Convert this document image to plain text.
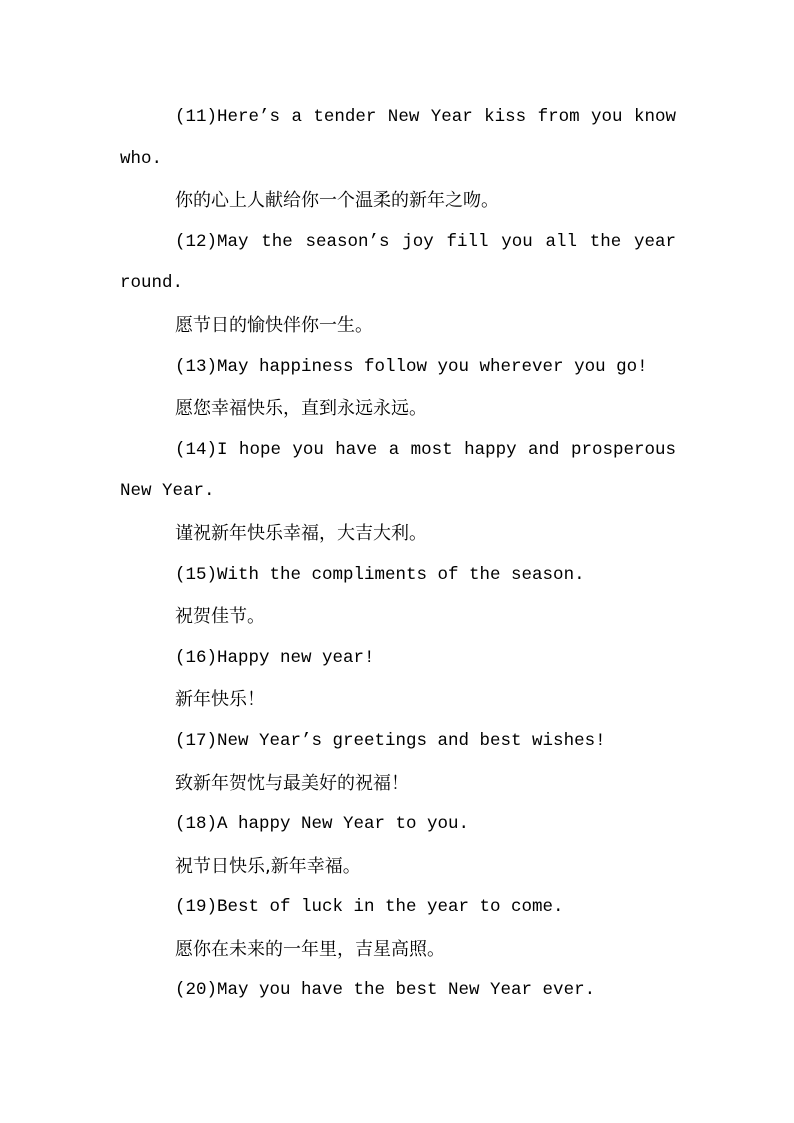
(11)Here’s a tender New Year kiss from you know
who.
你的心上人献给你一个温柔的新年之吻。
(12)May the season’s joy fill you all the year
round.
愿节日的愉快伴你一生。
(13)May happiness follow you wherever you go!
愿您幸福快乐，直到永远永远。
(14)I hope you have a most happy and prosperous
New Year.
谨祝新年快乐幸福，大吉大利。
(15)With the compliments of the season.
祝贺佳节。
(16)Happy new year!
新年快乐！
(17)New Year’s greetings and best wishes!
致新年贺忱与最美好的祝福！
(18)A happy New Year to you.
祝节日快乐,新年幸福。
(19)Best of luck in the year to come.
愿你在未来的一年里，吉星高照。
(20)May you have the best New Year ever.
